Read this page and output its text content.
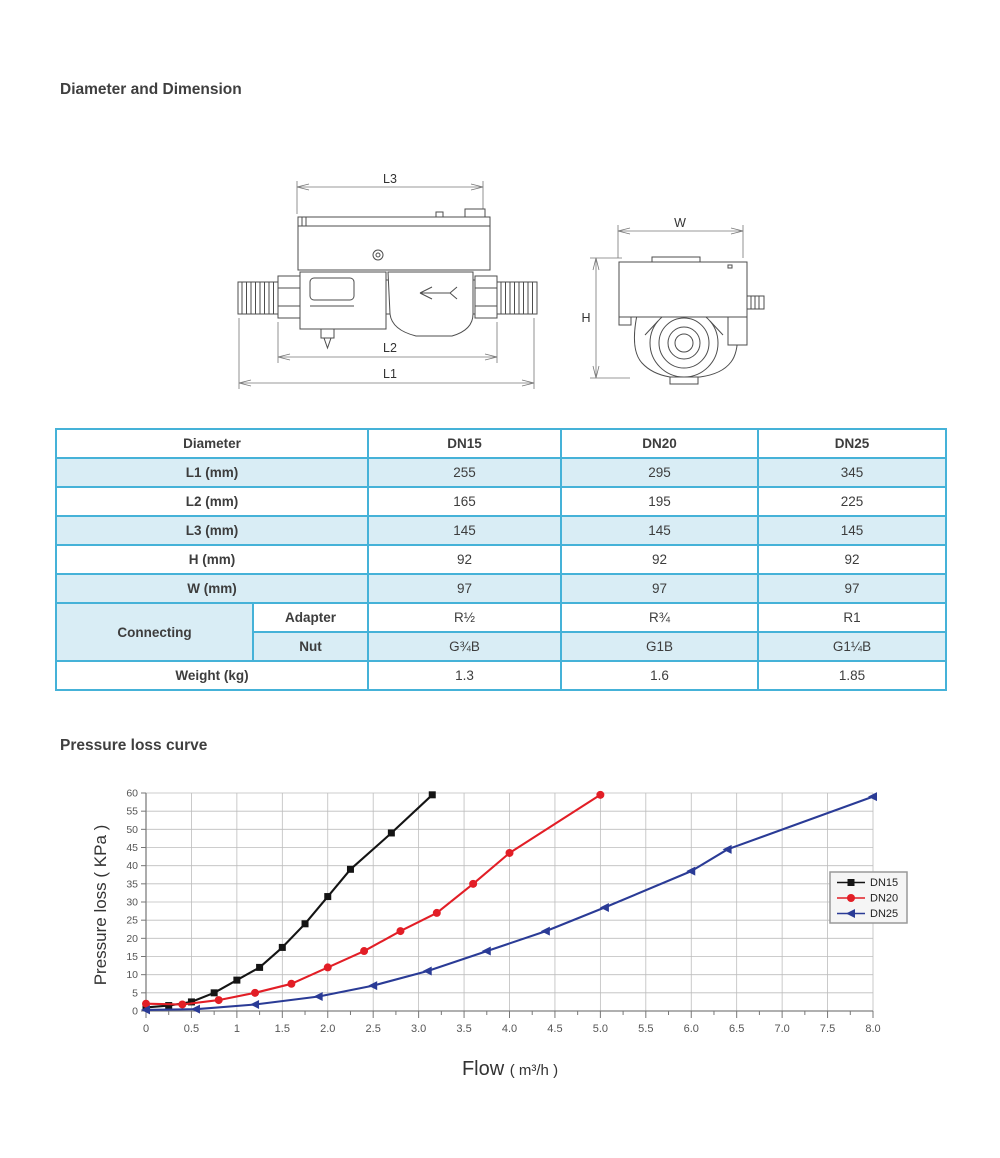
Diameter and Dimension
L3
L2
L1
W
H
Diameter		DN15	DN20	DN25
L1 (mm)		255	295	345
L2 (mm)		165	195	225
L3 (mm)		145	145	145
H (mm)		92	92	92
W (mm)		97	97	97
Connecting	Adapter	R½	R¾	R1
	Nut	G¾B	G1B	G1¼B
Weight (kg)		1.3	1.6	1.85
Pressure loss curve
0	0.5	1	1.5	2.0	2.5	3.0	3.5	4.0	4.5	5.0	5.5	6.0	6.5	7.0	7.5	8.0
0
5
10
15
20
25
30
35
40
45
50
55
60
DN15
DN20
DN25
Pressure loss ( KPa )
Flow ( m³/h )
